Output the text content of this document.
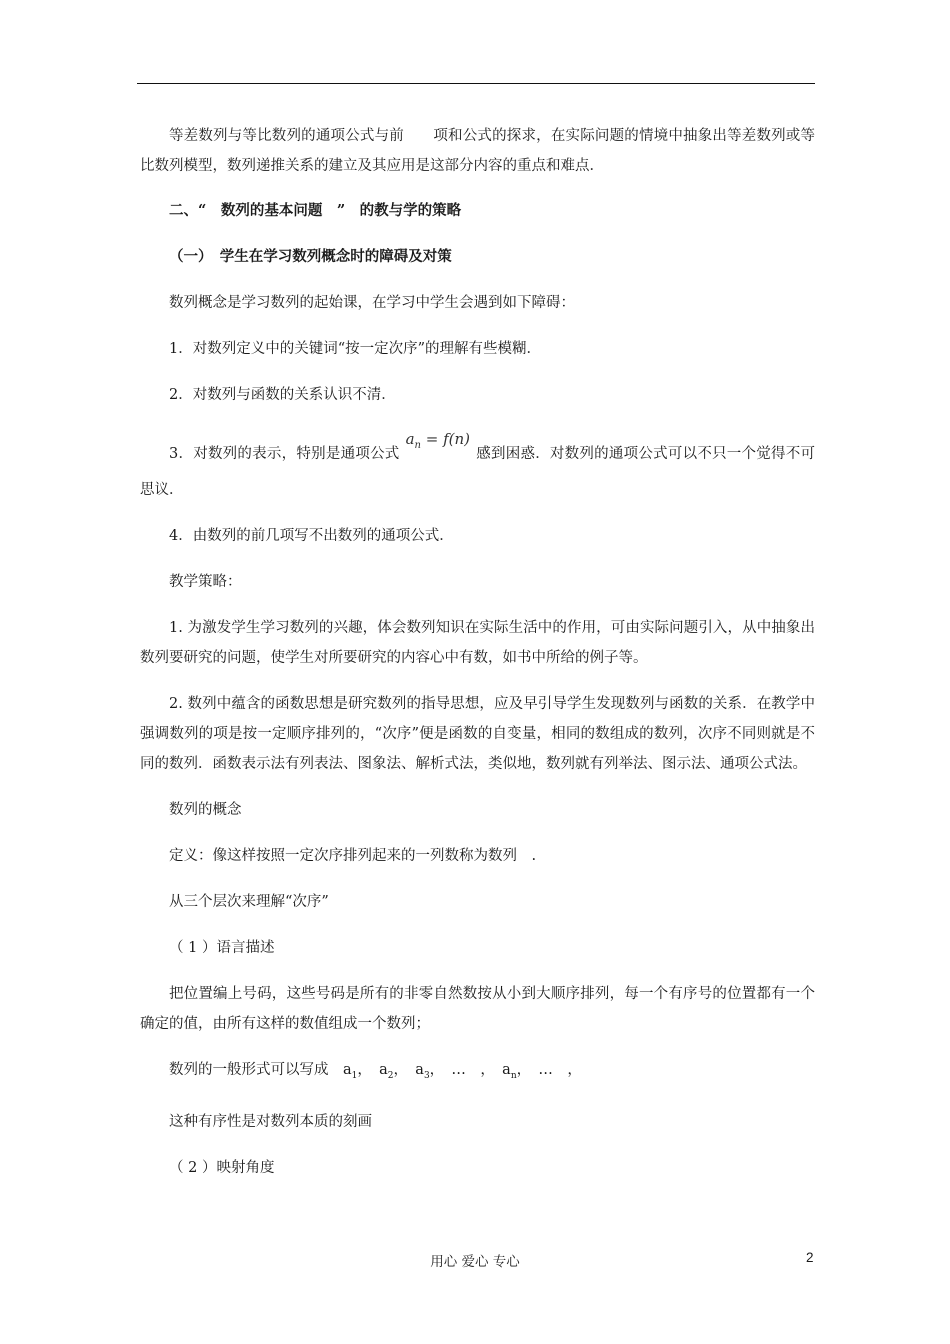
等差数列与等比数列的通项公式与前　　项和公式的探求，在实际问题的情境中抽象出等差数列或等比数列模型，数列递推关系的建立及其应用是这部分内容的重点和难点．

二、“　数列的基本问题　”　的教与学的策略

（一）　学生在学习数列概念时的障碍及对策

数列概念是学习数列的起始课，在学习中学生会遇到如下障碍：

1．对数列定义中的关键词“按一定次序”的理解有些模糊．

2．对数列与函数的关系认识不清．

3．对数列的表示，特别是通项公式$a_n = f(n)$感到困惑．对数列的通项公式可以不只一个觉得不可思议．

4．由数列的前几项写不出数列的通项公式．

教学策略：

1. 为激发学生学习数列的兴趣，体会数列知识在实际生活中的作用，可由实际问题引入，从中抽象出数列要研究的问题，使学生对所要研究的内容心中有数，如书中所给的例子等。

2. 数列中蕴含的函数思想是研究数列的指导思想，应及早引导学生发现数列与函数的关系．在教学中强调数列的项是按一定顺序排列的，“次序”便是函数的自变量，相同的数组成的数列，次序不同则就是不同的数列．函数表示法有列表法、图象法、解析式法，类似地，数列就有列举法、图示法、通项公式法。

数列的概念

定义：像这样按照一定次序排列起来的一列数称为数列　.

从三个层次来理解“次序”

（ 1 ）语言描述

把位置编上号码，这些号码是所有的非零自然数按从小到大顺序排列，每一个有序号的位置都有一个确定的值，由所有这样的数值组成一个数列；

数列的一般形式可以写成　 $a_1$，　$a_2$，　$a_3$，　…　，　$a_n$，　…　，

这种有序性是对数列本质的刻画

（ 2 ）映射角度

用心 爱心 专心	2
